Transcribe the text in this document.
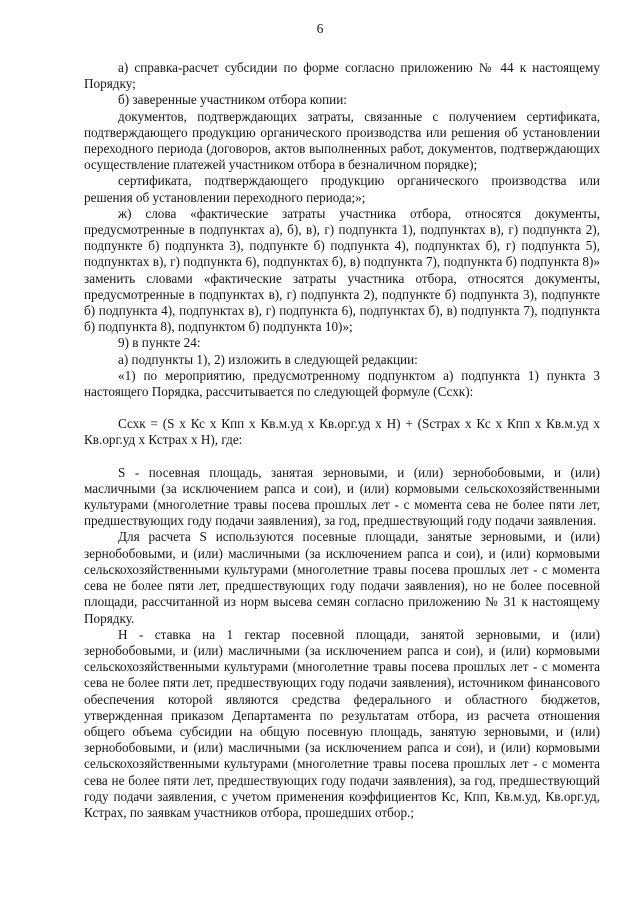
6

а) справка-расчет субсидии по форме согласно приложению № 44 к настоящему Порядку;

б) заверенные участником отбора копии:

документов, подтверждающих затраты, связанные с получением сертификата, подтверждающего продукцию органического производства или решения об установлении переходного периода (договоров, актов выполненных работ, документов, подтверждающих осуществление платежей участником отбора в безналичном порядке);

сертификата, подтверждающего продукцию органического производства или решения об установлении переходного периода;»;

ж) слова «фактические затраты участника отбора, относятся документы, предусмотренные в подпунктах а), б), в), г) подпункта 1), подпунктах в), г) подпункта 2), подпункте б) подпункта 3), подпункте б) подпункта 4), подпунктах б), г) подпункта 5), подпунктах в), г) подпункта 6), подпунктах б), в) подпункта 7), подпункта б) подпункта 8)» заменить словами «фактические затраты участника отбора, относятся документы, предусмотренные в подпунктах в), г) подпункта 2), подпункте б) подпункта 3), подпункте б) подпункта 4), подпунктах в), г) подпункта 6), подпунктах б), в) подпункта 7), подпункта б) подпункта 8), подпунктом б) подпункта 10)»;

9) в пункте 24:

а) подпункты 1), 2) изложить в следующей редакции:

«1) по мероприятию, предусмотренному подпунктом а) подпункта 1) пункта 3 настоящего Порядка, рассчитывается по следующей формуле (Ссхк):

Ссхк = (S x Кс x Кпп x Кв.м.уд x Кв.орг.уд x Н) + (Sстрах x Кс x Кпп x Кв.м.уд x Кв.орг.уд x Кстрах x Н), где:

S - посевная площадь, занятая зерновыми, и (или) зернобобовыми, и (или) масличными (за исключением рапса и сои), и (или) кормовыми сельскохозяйственными культурами (многолетние травы посева прошлых лет - с момента сева не более пяти лет, предшествующих году подачи заявления), за год, предшествующий году подачи заявления.

Для расчета S используются посевные площади, занятые зерновыми, и (или) зернобобовыми, и (или) масличными (за исключением рапса и сои), и (или) кормовыми сельскохозяйственными культурами (многолетние травы посева прошлых лет - с момента сева не более пяти лет, предшествующих году подачи заявления), но не более посевной площади, рассчитанной из норм высева семян согласно приложению № 31 к настоящему Порядку.

Н - ставка на 1 гектар посевной площади, занятой зерновыми, и (или) зернобобовыми, и (или) масличными (за исключением рапса и сои), и (или) кормовыми сельскохозяйственными культурами (многолетние травы посева прошлых лет - с момента сева не более пяти лет, предшествующих году подачи заявления), источником финансового обеспечения которой являются средства федерального и областного бюджетов, утвержденная приказом Департамента по результатам отбора, из расчета отношения общего объема субсидии на общую посевную площадь, занятую зерновыми, и (или) зернобобовыми, и (или) масличными (за исключением рапса и сои), и (или) кормовыми сельскохозяйственными культурами (многолетние травы посева прошлых лет - с момента сева не более пяти лет, предшествующих году подачи заявления), за год, предшествующий году подачи заявления, с учетом применения коэффициентов Кс, Кпп, Кв.м.уд, Кв.орг.уд, Кстрах, по заявкам участников отбора, прошедших отбор.;
